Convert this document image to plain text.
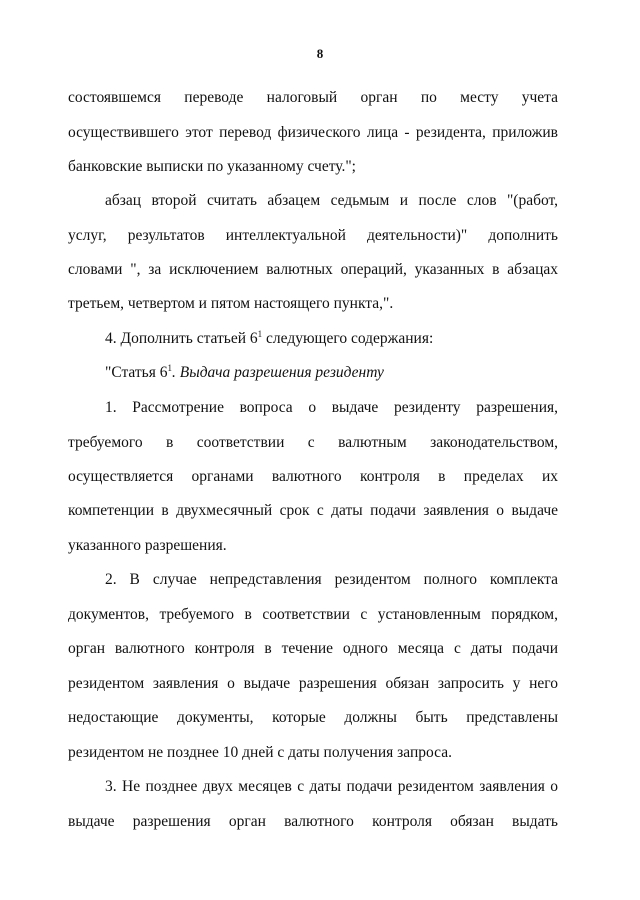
8
состоявшемся переводе налоговый орган по месту учета
осуществившего этот перевод физического лица - резидента, приложив
банковские выписки по указанному счету.";
абзац второй считать абзацем седьмым и после слов "(работ,
услуг, результатов интеллектуальной деятельности)" дополнить
словами ", за исключением валютных операций, указанных в абзацах
третьем, четвертом и пятом настоящего пункта,".
4. Дополнить статьей $6^1$ следующего содержания:
"Статья $6^1$. Выдача разрешения резиденту
1. Рассмотрение вопроса о выдаче резиденту разрешения,
требуемого в соответствии с валютным законодательством,
осуществляется органами валютного контроля в пределах их
компетенции в двухмесячный срок с даты подачи заявления о выдаче
указанного разрешения.
2. В случае непредставления резидентом полного комплекта
документов, требуемого в соответствии с установленным порядком,
орган валютного контроля в течение одного месяца с даты подачи
резидентом заявления о выдаче разрешения обязан запросить у него
недостающие документы, которые должны быть представлены
резидентом не позднее 10 дней с даты получения запроса.
3. Не позднее двух месяцев с даты подачи резидентом заявления о
выдаче разрешения орган валютного контроля обязан выдать
